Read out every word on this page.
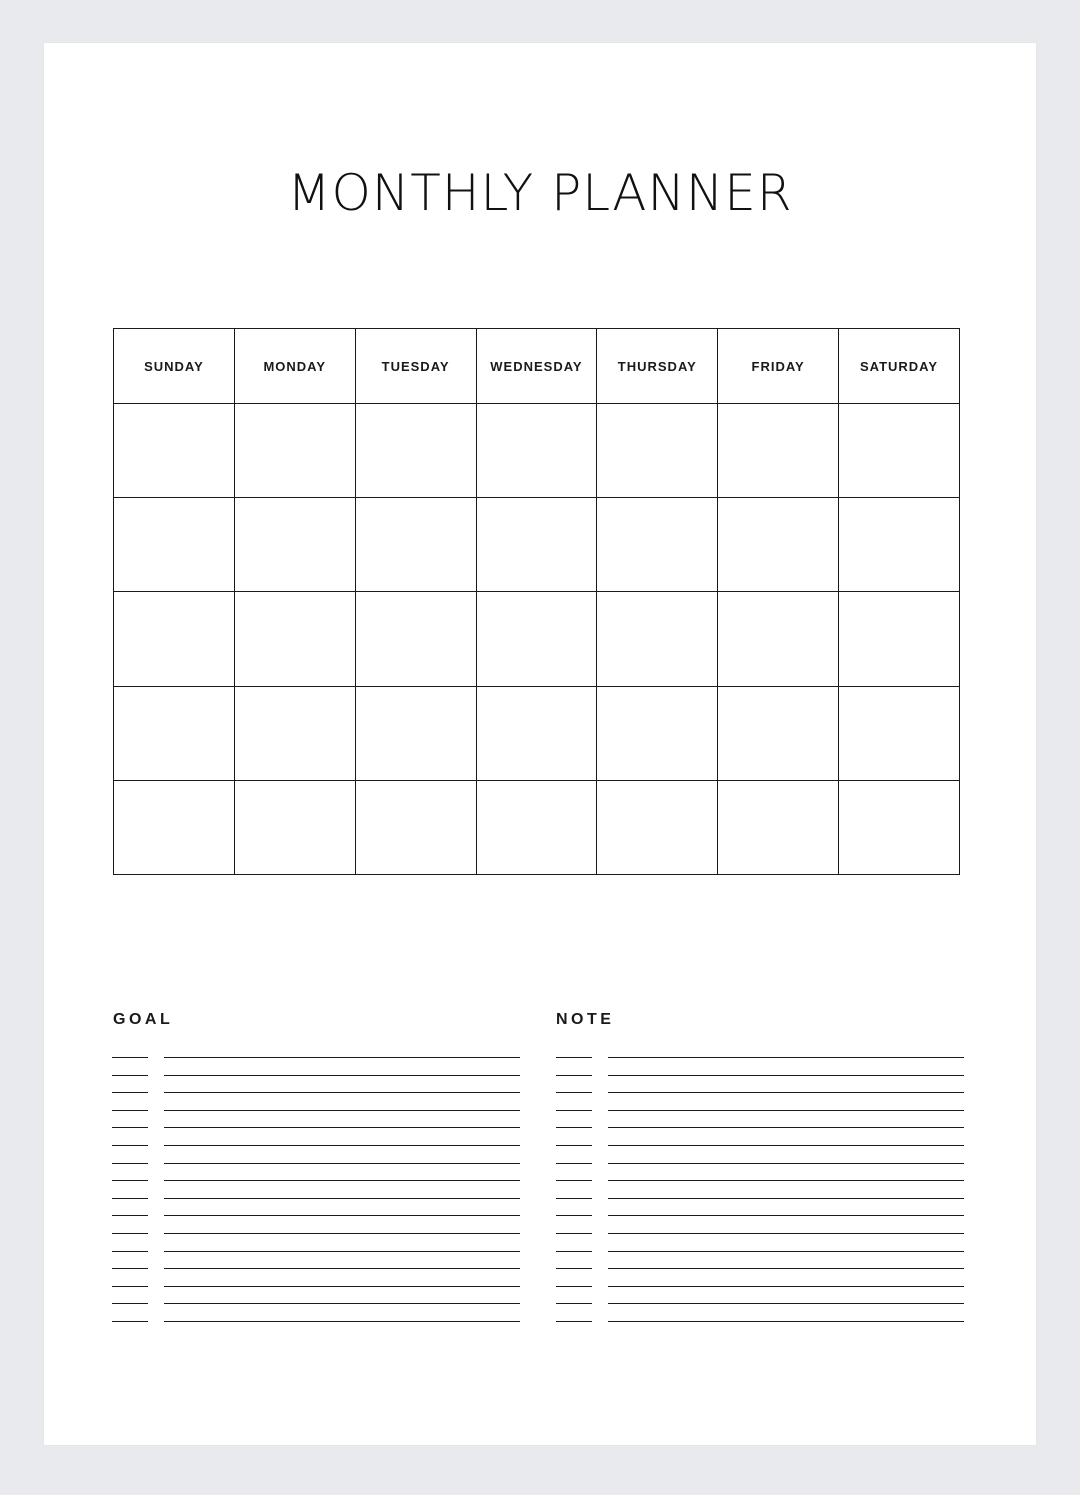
MONTHLY PLANNER
SUNDAY	MONDAY	TUESDAY	WEDNESDAY	THURSDAY	FRIDAY	SATURDAY

GOAL	NOTE
